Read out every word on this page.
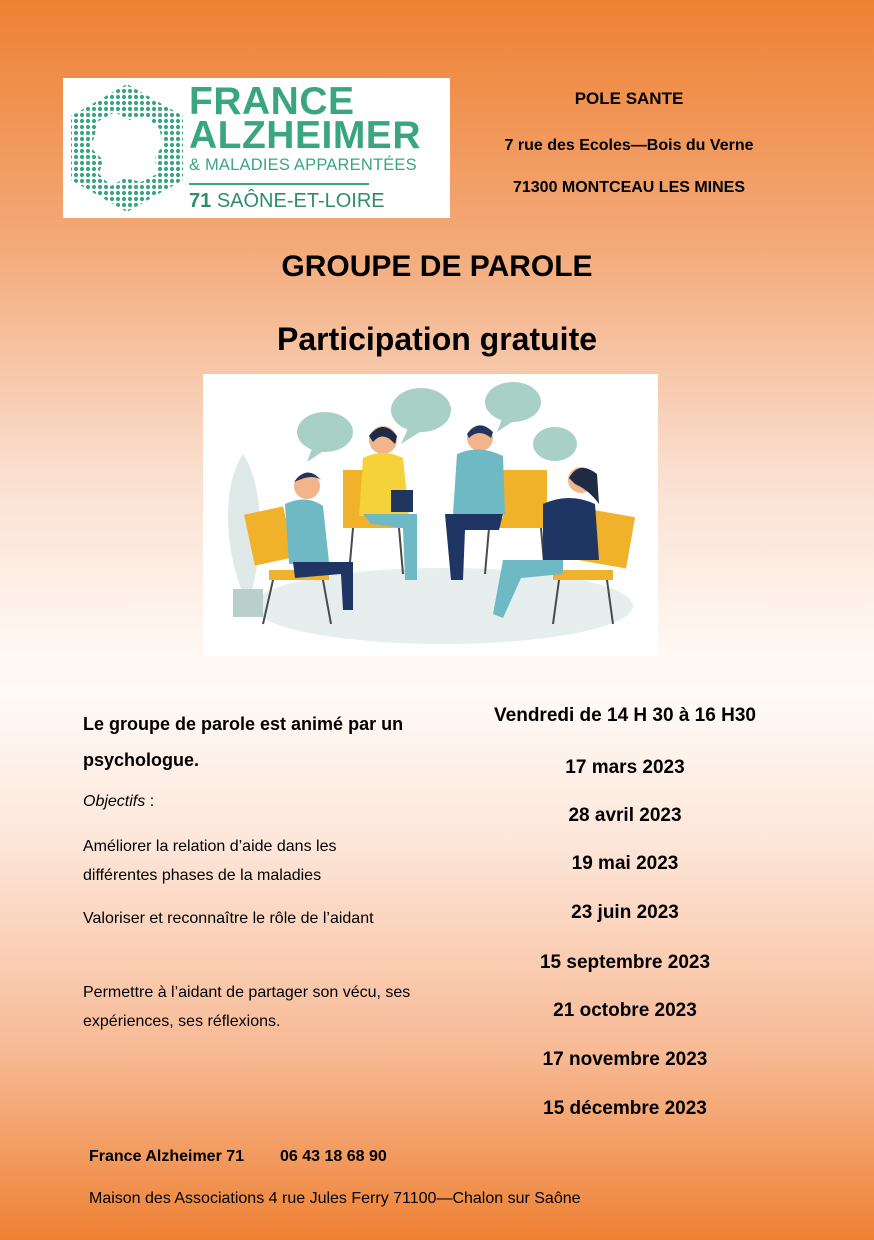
FRANCE
ALZHEIMER
& MALADIES APPARENTÉES
71 SAÔNE-ET-LOIRE
POLE SANTE
7 rue des Ecoles—Bois du Verne
71300 MONTCEAU LES MINES
GROUPE DE PAROLE
Participation gratuite
Le groupe de parole est animé par un psychologue.
Objectifs :
Améliorer la relation d’aide dans les différentes phases de la maladies
Valoriser et reconnaître le rôle de l’aidant
Permettre à l’aidant de partager son vécu, ses expériences, ses réflexions.
Vendredi de 14 H 30 à 16 H30
17 mars 2023
28 avril 2023
19 mai 2023
23 juin 2023
15 septembre 2023
21 octobre 2023
17 novembre 2023
15 décembre 2023
France Alzheimer 71 06 43 18 68 90
Maison des Associations 4 rue Jules Ferry 71100—Chalon sur Saône
